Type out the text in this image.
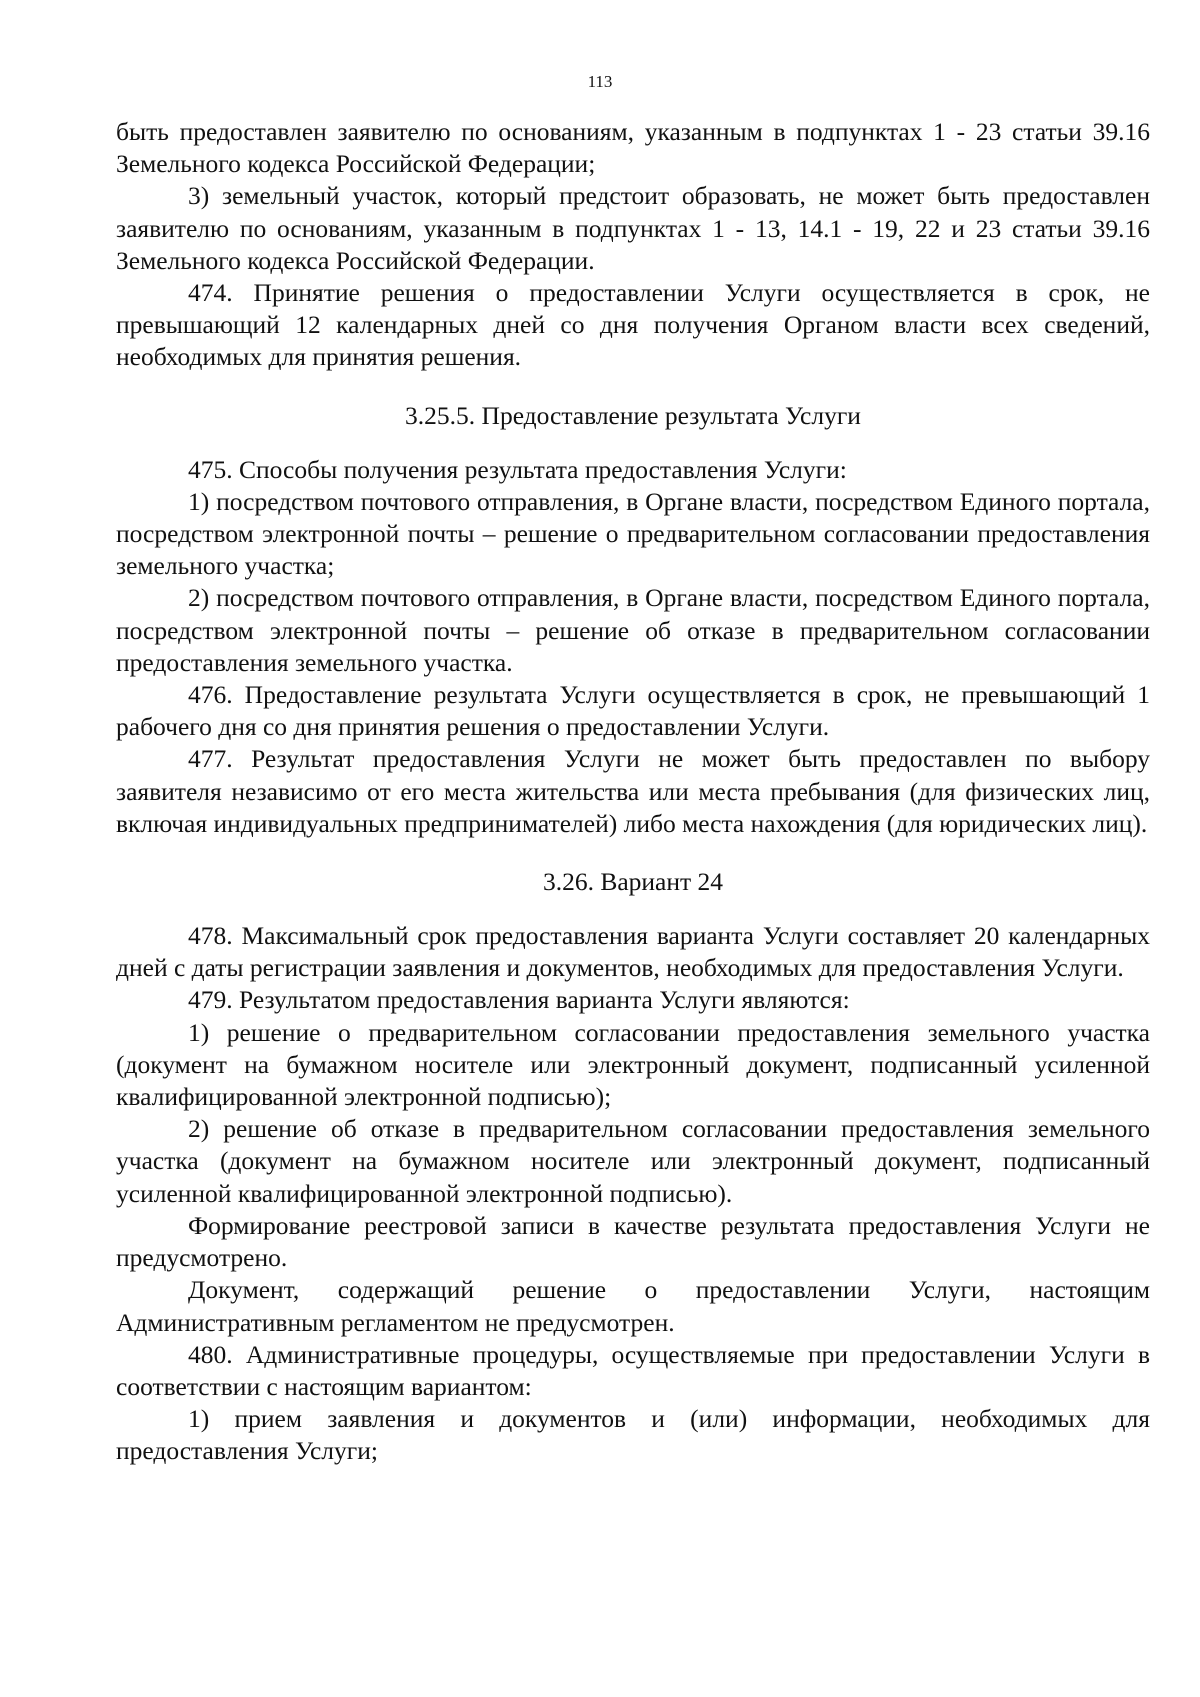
113

быть предоставлен заявителю по основаниям, указанным в подпунктах 1 - 23 статьи 39.16 Земельного кодекса Российской Федерации;

3) земельный участок, который предстоит образовать, не может быть предоставлен заявителю по основаниям, указанным в подпунктах 1 - 13, 14.1 - 19, 22 и 23 статьи 39.16 Земельного кодекса Российской Федерации.

474. Принятие решения о предоставлении Услуги осуществляется в срок, не превышающий 12 календарных дней со дня получения Органом власти всех сведений, необходимых для принятия решения.

3.25.5. Предоставление результата Услуги

475. Способы получения результата предоставления Услуги:

1) посредством почтового отправления, в Органе власти, посредством Единого портала, посредством электронной почты – решение о предварительном согласовании предоставления земельного участка;

2) посредством почтового отправления, в Органе власти, посредством Единого портала, посредством электронной почты – решение об отказе в предварительном согласовании предоставления земельного участка.

476. Предоставление результата Услуги осуществляется в срок, не превышающий 1 рабочего дня со дня принятия решения о предоставлении Услуги.

477. Результат предоставления Услуги не может быть предоставлен по выбору заявителя независимо от его места жительства или места пребывания (для физических лиц, включая индивидуальных предпринимателей) либо места нахождения (для юридических лиц).

3.26. Вариант 24

478. Максимальный срок предоставления варианта Услуги составляет 20 календарных дней с даты регистрации заявления и документов, необходимых для предоставления Услуги.

479. Результатом предоставления варианта Услуги являются:

1) решение о предварительном согласовании предоставления земельного участка (документ на бумажном носителе или электронный документ, подписанный усиленной квалифицированной электронной подписью);

2) решение об отказе в предварительном согласовании предоставления земельного участка (документ на бумажном носителе или электронный документ, подписанный усиленной квалифицированной электронной подписью).

Формирование реестровой записи в качестве результата предоставления Услуги не предусмотрено.

Документ, содержащий решение о предоставлении Услуги, настоящим Административным регламентом не предусмотрен.

480. Административные процедуры, осуществляемые при предоставлении Услуги в соответствии с настоящим вариантом:

1) прием заявления и документов и (или) информации, необходимых для предоставления Услуги;
